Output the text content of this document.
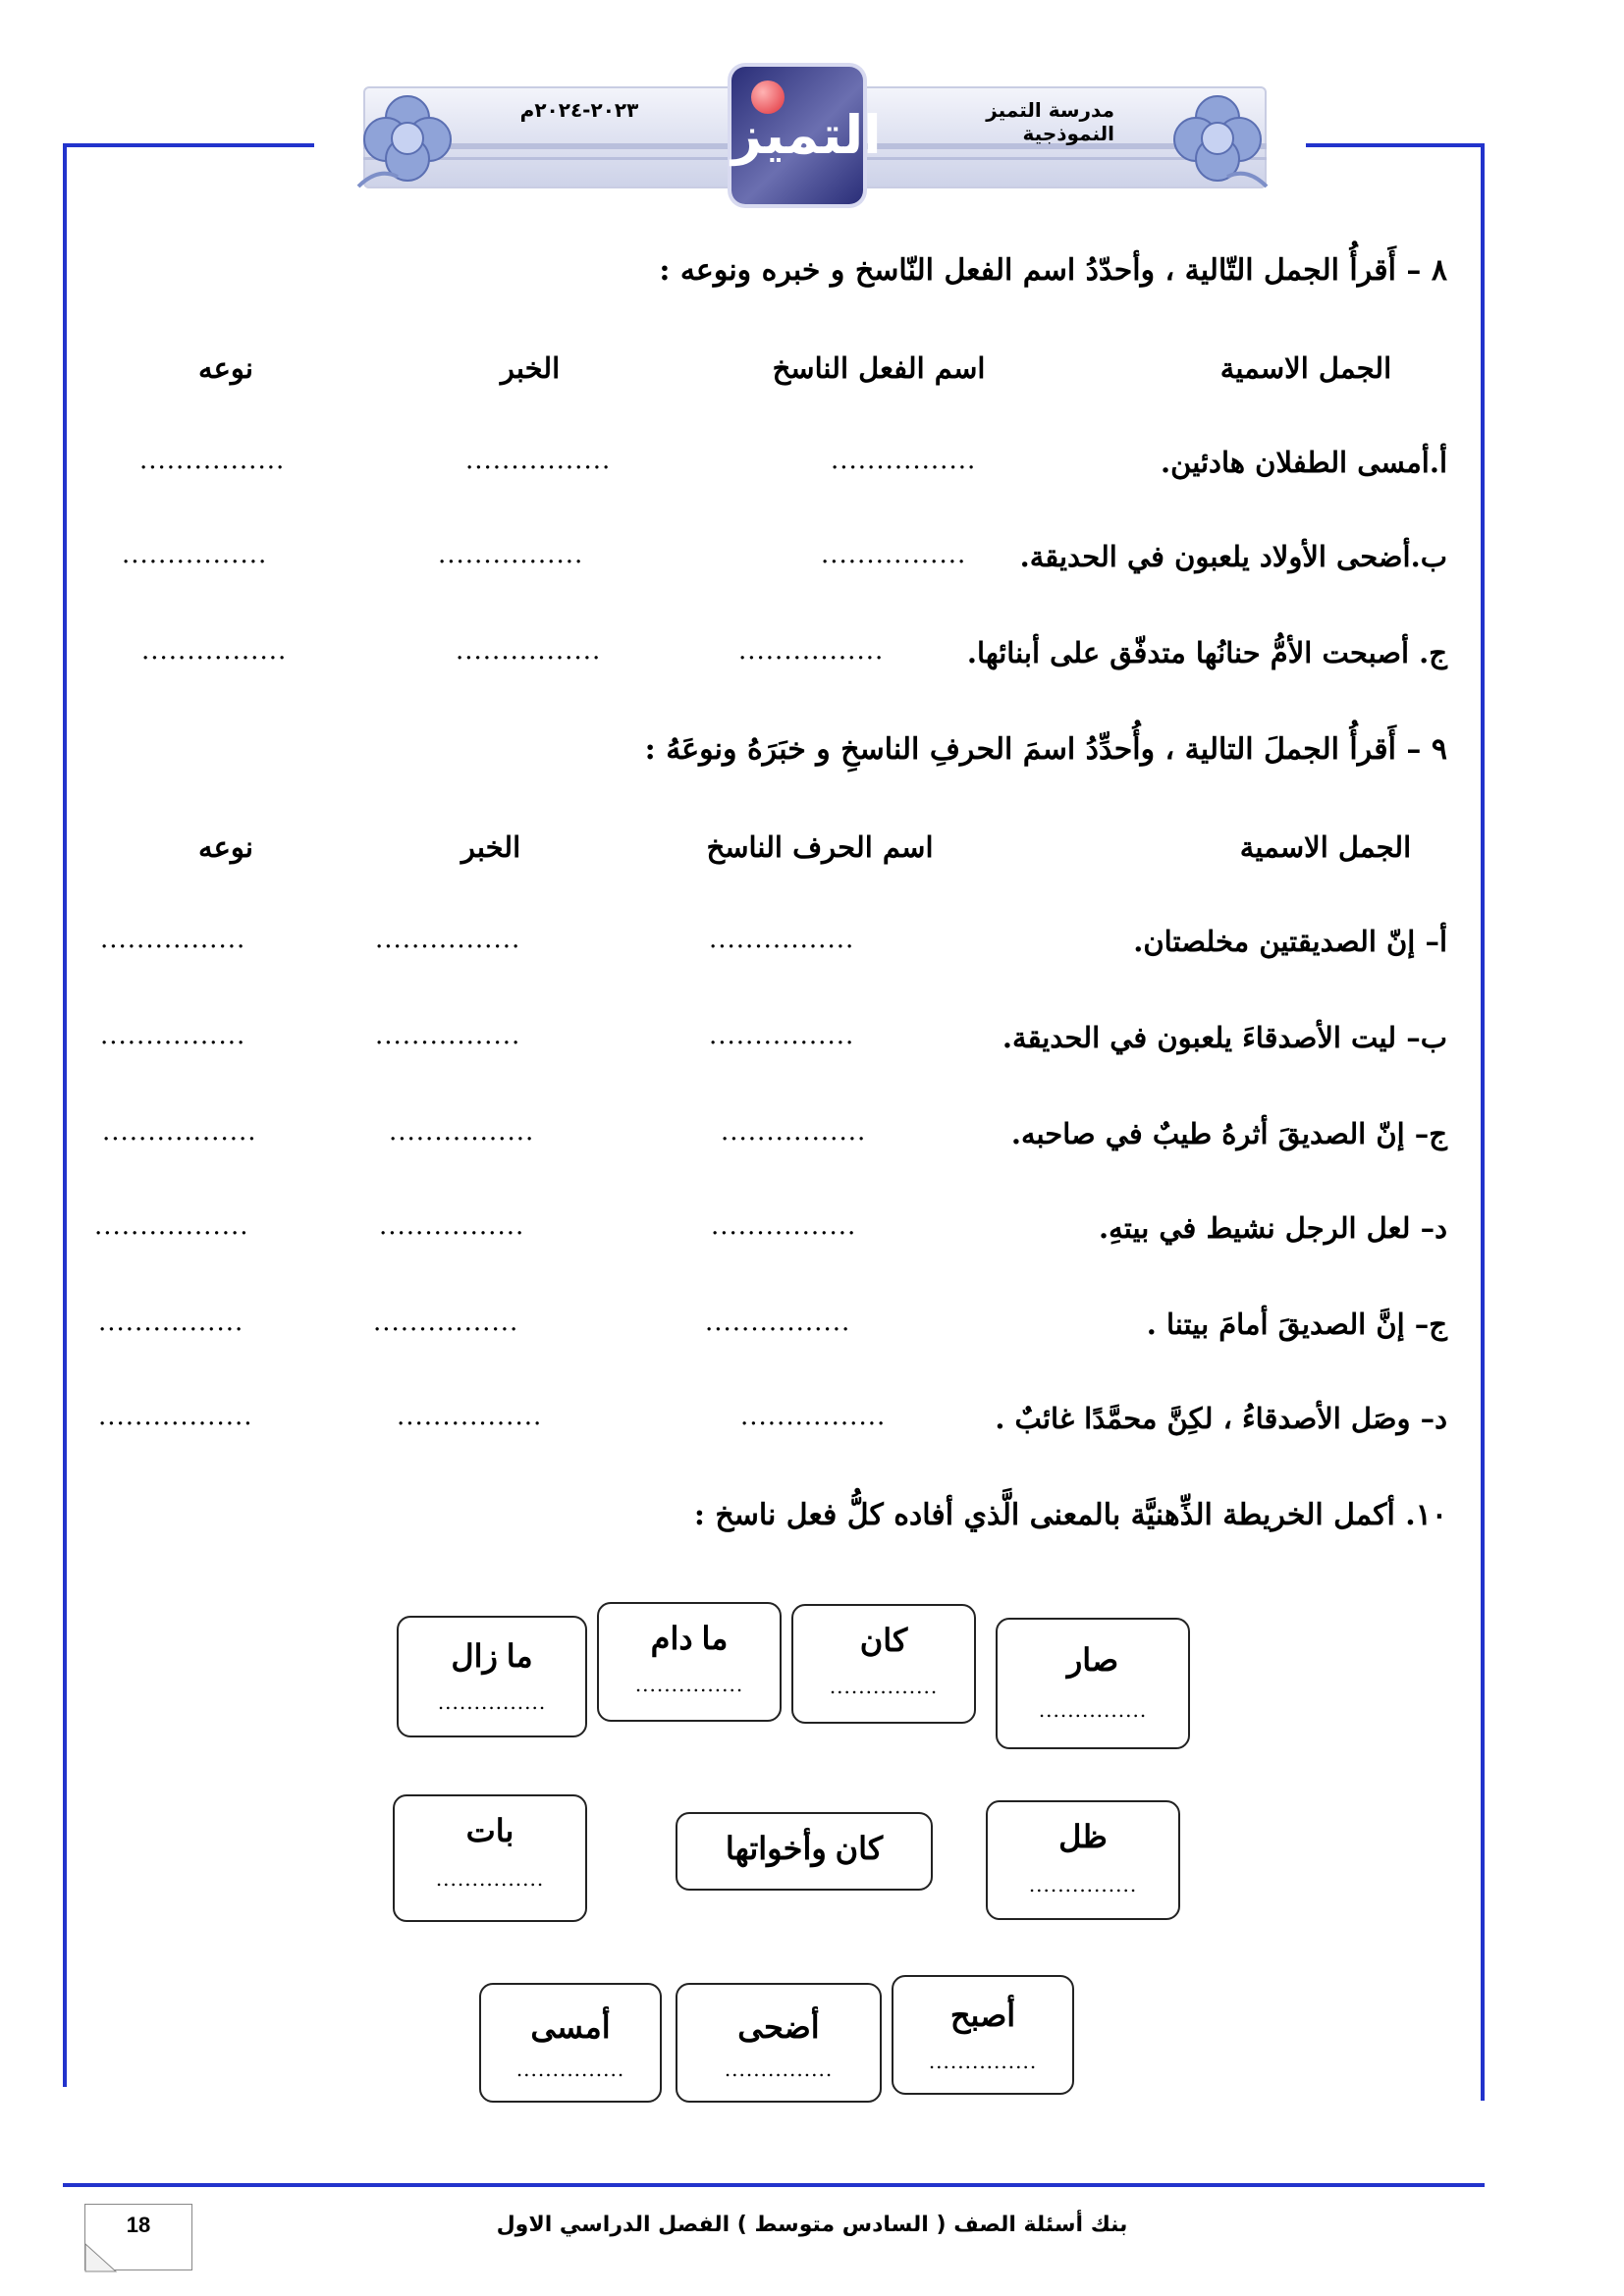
مدرسة التميز النموذجية
٢٠٢٣-٢٠٢٤م التميز
٨ – أَقرأُ الجمل التّالية ، وأحدّدُ اسم الفعل النّاسخ و خبره ونوعه :
الجمل الاسمية
اسم الفعل الناسخ
الخبر
نوعه
أ.أمسى الطفلان هادئين.
................
................
................
ب.أضحى الأولاد يلعبون في الحديقة.
................
................
................
ج. أصبحت الأمُّ حنانُها متدفّق على أبنائها.
................
................
................
٩ – أَقرأُ الجملَ التالية ، وأُحدِّدُ اسمَ الحرفِ الناسخِ و خبَرَهُ ونوعَهُ :
الجمل الاسمية
اسم الحرف الناسخ
الخبر
نوعه
أ– إنّ الصديقتين مخلصتان.
................
................
................
ب– ليت الأصدقاءَ يلعبون في الحديقة.
................
................
................
ج– إنّ الصديقَ أثرهُ طيبٌ في صاحبه.
................
................
.................
د– لعل الرجل نشيط في بيتهِ.
................
................
.................
ج– إنَّ الصديقَ أمامَ بيتنا .
................
................
................
د– وصَل الأصدقاءُ ، لكِنَّ محمَّدًا غائبٌ .
................
................
.................
١٠. أكمل الخريطة الذِّهنيَّة بالمعنى الَّذي أفاده كلُّ فعل ناسخ :
ما زال
...............
ما دام
...............
كان
...............
صار
...............
بات
...............
كان وأخواتها	ظل
...............
أمسى
...............
أضحى
...............
أصبح
...............
بنك أسئلة الصف ( السادس متوسط ) الفصل الدراسي الاول
18
